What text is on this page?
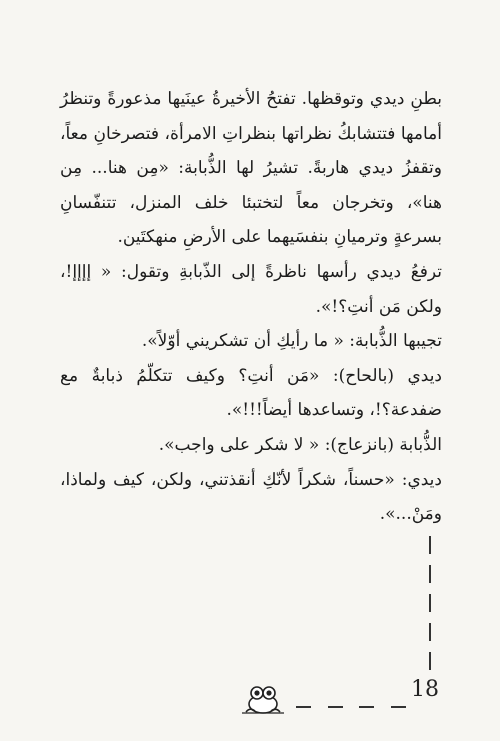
بطنِ ديدي وتوقظها. تفتحُ الأخيرةُ عينَيها مذعورةً وتنظرُ أمامها فتتشابكُ نظراتها بنظراتِ الامرأة، فتصرخانِ معاً، وتقفزُ ديدي هاربةً. تشيرُ لها الذُّبابة: «مِن هنا... مِن هنا»، وتخرجان معاً لتختبئا خلف المنزل، تتنفّسانِ بسرعةٍ وترميانِ بنفسَيهما على الأرضِ منهكتَين.

ترفعُ ديدي رأسها ناظرةً إلى الذّبابةِ وتقول: « إإإإ!، ولكن مَن أنتِ؟!».

تجيبها الذُّبابة: « ما رأيكِ أن تشكريني أوّلاً».

ديدي (بالحاح): «مَن أنتِ؟ وكيف تتكلّمُ ذبابةٌ مع ضفدعة؟!، وتساعدها أيضاً!!!».

الذُّبابة (بانزعاج): « لا شكر على واجب».

ديدي: «حسناً، شكراً لأنّكِ أنقذتني، ولكن، كيف ولماذا، ومَنْ...».

18
